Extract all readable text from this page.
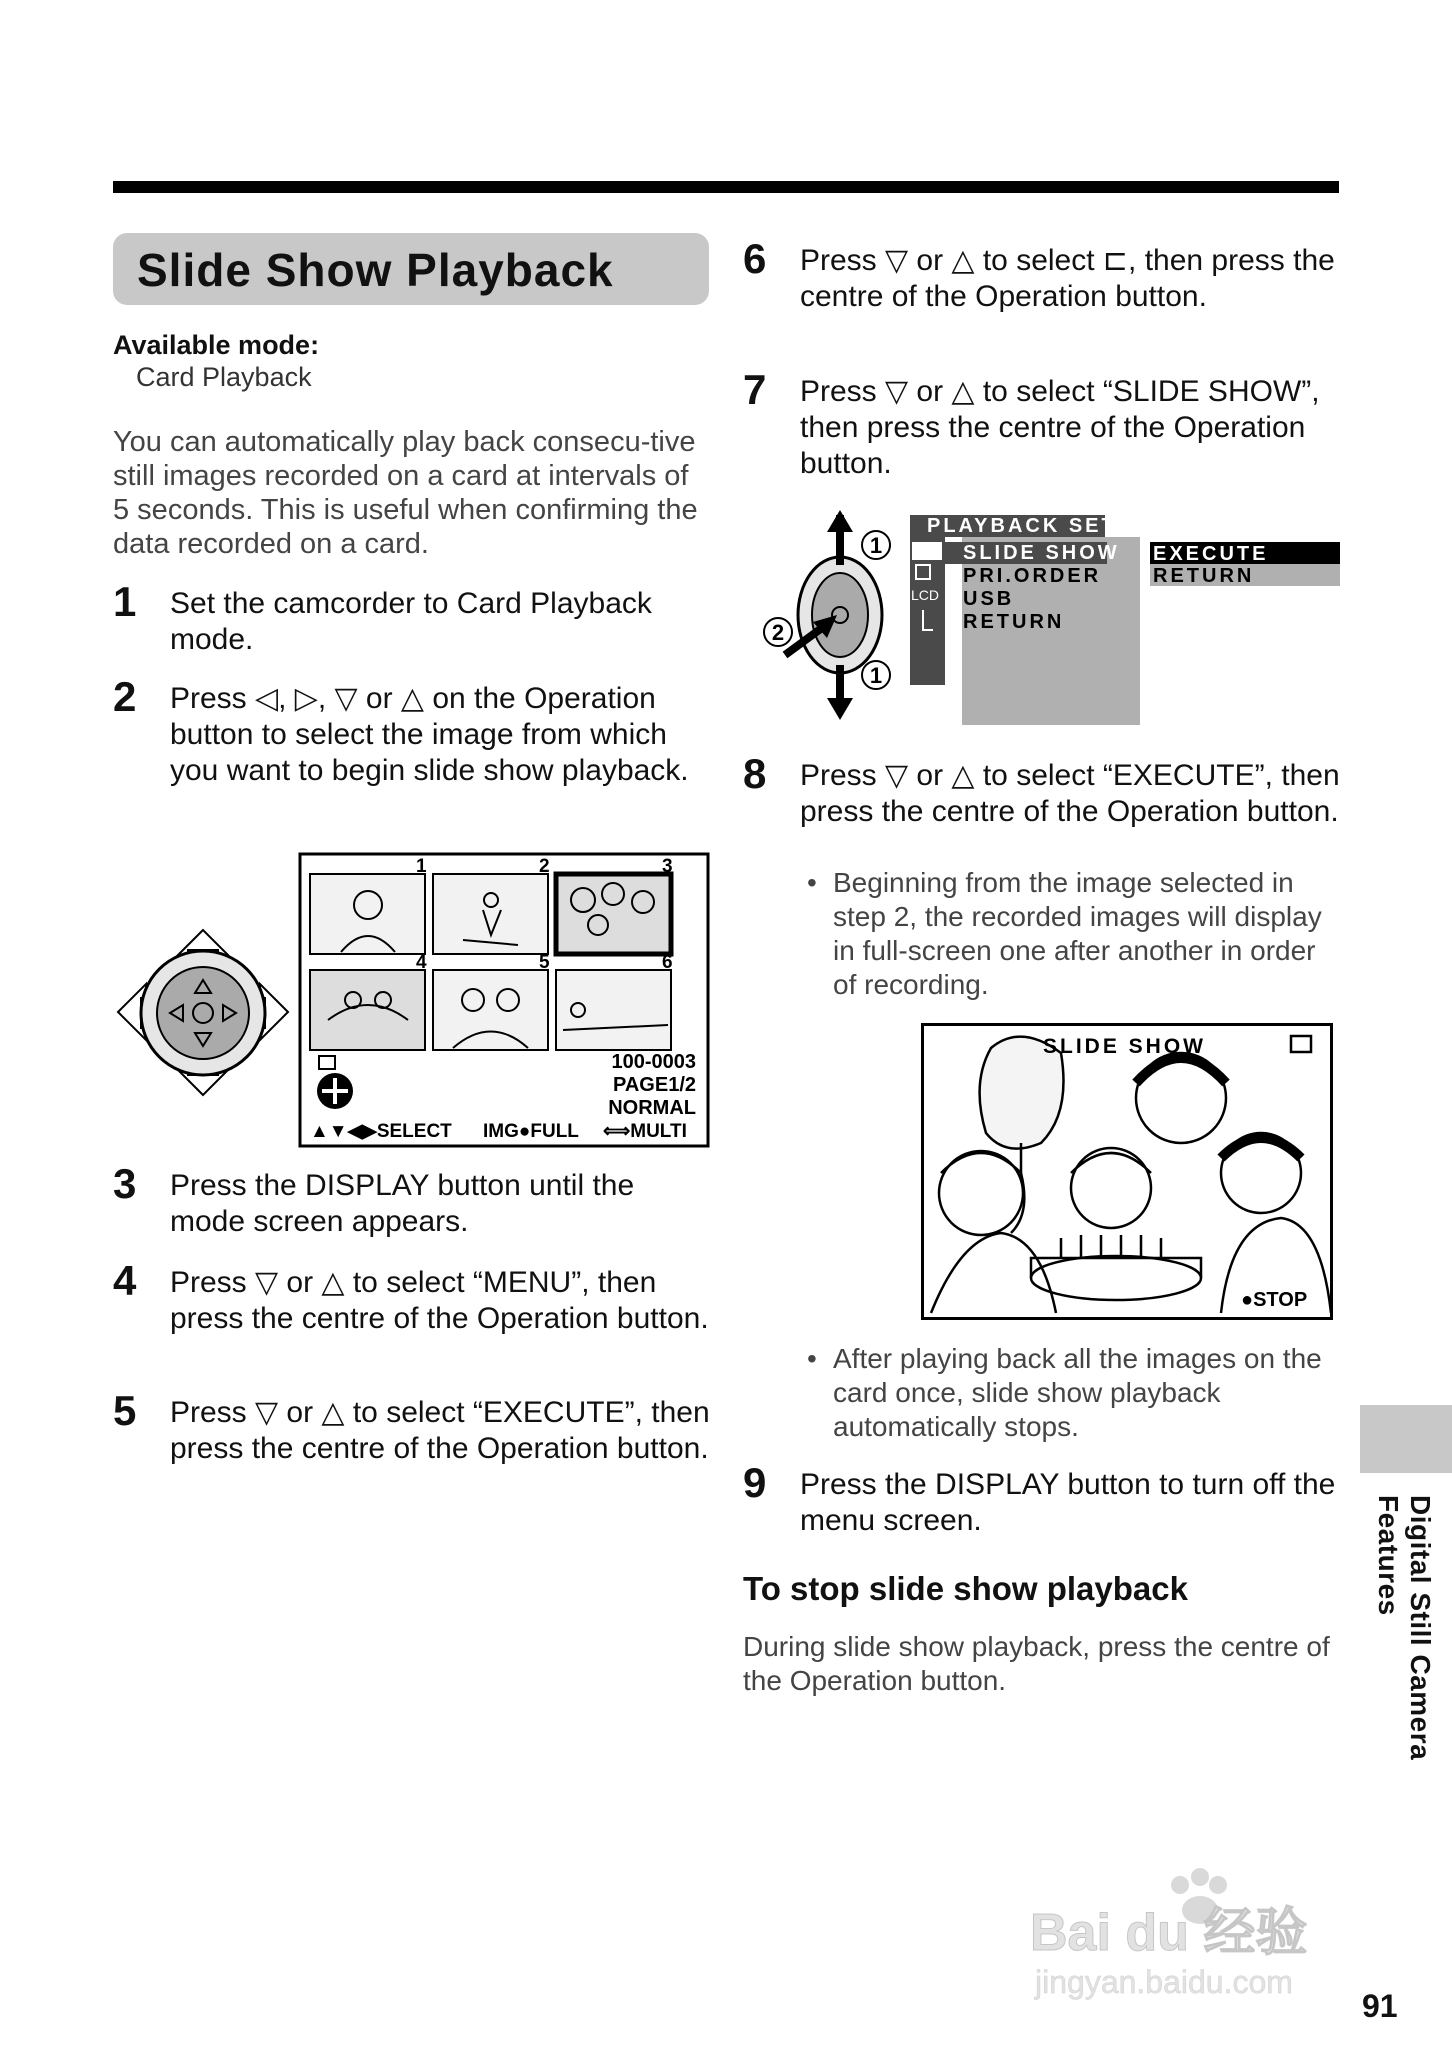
Slide Show Playback
Available mode:
Card Playback
You can automatically play back consecu-tive still images recorded on a card at intervals of 5 seconds. This is useful when confirming the data recorded on a card.
1 Set the camcorder to Card Playback mode.
2 Press ◁, ▷, ▽ or △ on the Operation button to select the image from which you want to begin slide show playback.
1	2	3
4	5	6
100-0003
PAGE1/2
NORMAL
▲▼◀▶SELECT IMG●FULL ⟺MULTI
3 Press the DISPLAY button until the mode screen appears.
4 Press ▽ or △ to select “MENU”, then press the centre of the Operation button.
5 Press ▽ or △ to select “EXECUTE”, then press the centre of the Operation button.
6 Press ▽ or △ to select ⊏, then press the centre of the Operation button.
7 Press ▽ or △ to select “SLIDE SHOW”, then press the centre of the Operation button.
1
2
1
LCD
PLAYBACK SET
SLIDE SHOW
PRI.ORDER
USB
RETURN
EXECUTE
RETURN
8 Press ▽ or △ to select “EXECUTE”, then press the centre of the Operation button.
• Beginning from the image selected in step 2, the recorded images will display in full-screen one after another in order of recording.
SLIDE SHOW
●STOP
• After playing back all the images on the card once, slide show playback automatically stops.
9 Press the DISPLAY button to turn off the menu screen.
To stop slide show playback
During slide show playback, press the centre of the Operation button.	Digital Still Camera Features
Bai du 经验
jingyan.baidu.com
91
